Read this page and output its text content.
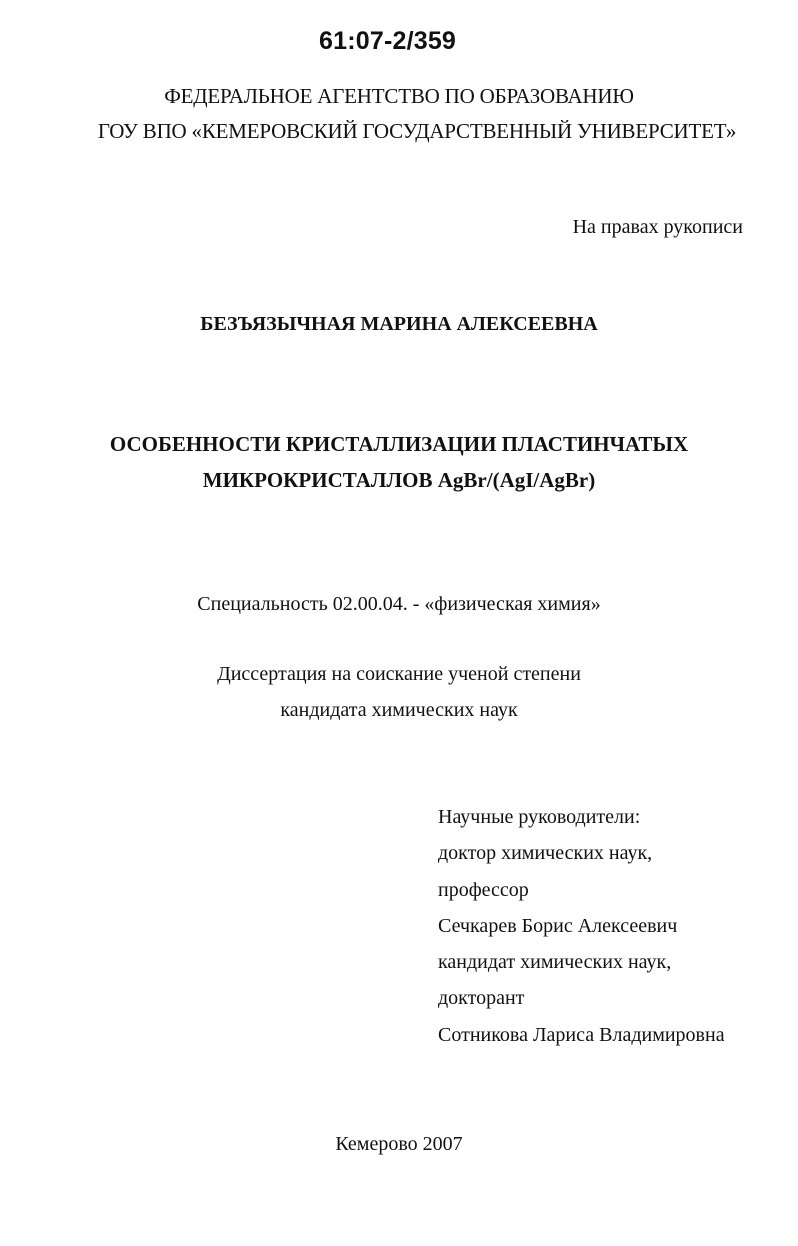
61:07-2/359
ФЕДЕРАЛЬНОЕ АГЕНТСТВО ПО ОБРАЗОВАНИЮ
ГОУ ВПО «КЕМЕРОВСКИЙ ГОСУДАРСТВЕННЫЙ УНИВЕРСИТЕТ»
На правах рукописи
БЕЗЪЯЗЫЧНАЯ МАРИНА АЛЕКСЕЕВНА
ОСОБЕННОСТИ КРИСТАЛЛИЗАЦИИ ПЛАСТИНЧАТЫХ
МИКРОКРИСТАЛЛОВ AgBr/(AgI/AgBr)
Специальность 02.00.04. - «физическая химия»
Диссертация на соискание ученой степени
кандидата химических наук
Научные руководители:
доктор химических наук,
профессор
Сечкарев Борис Алексеевич
кандидат химических наук,
докторант
Сотникова Лариса Владимировна
Кемерово 2007
